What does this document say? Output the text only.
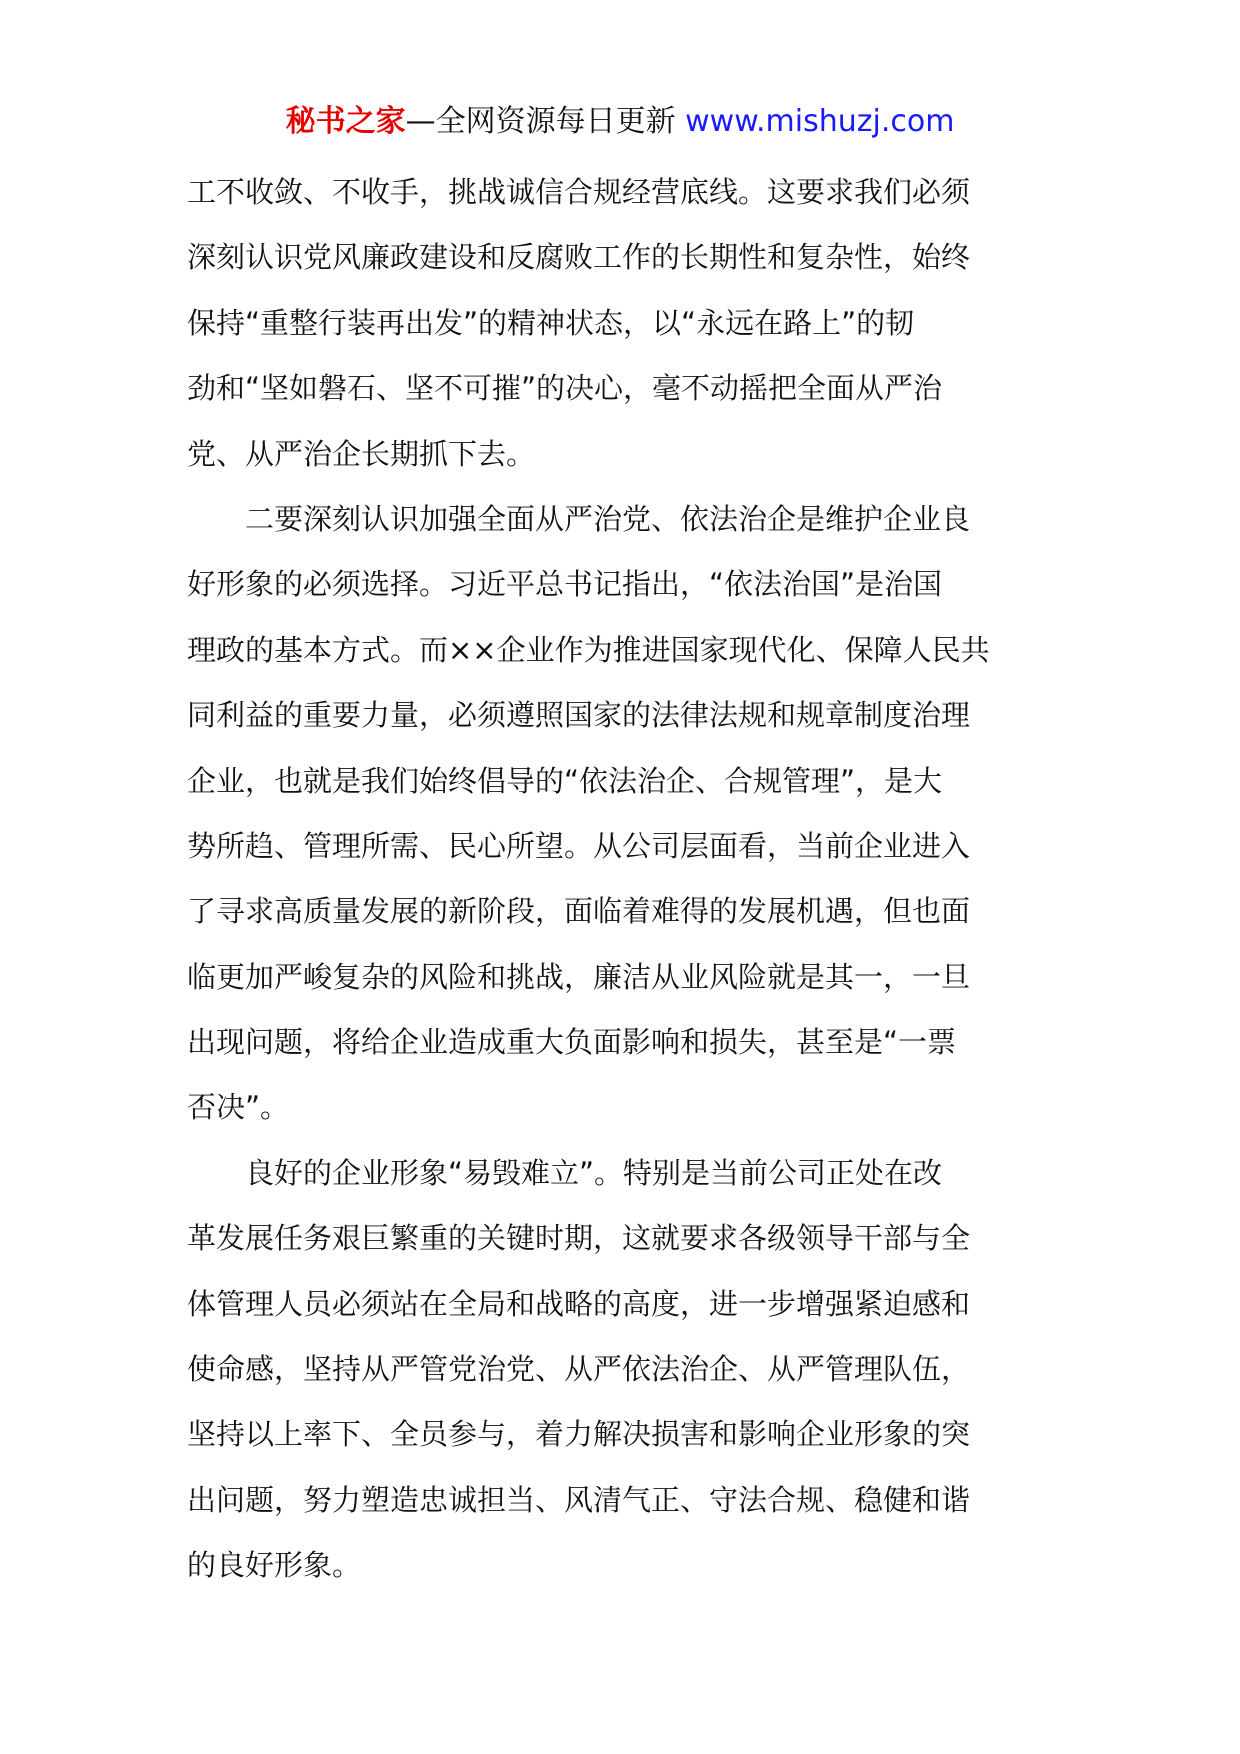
秘书之家—全网资源每日更新 www.mishuzj.com
工不收敛、不收手，挑战诚信合规经营底线。这要求我们必须
深刻认识党风廉政建设和反腐败工作的长期性和复杂性，始终
保持“重整行装再出发”的精神状态，以“永远在路上”的韧
劲和“坚如磐石、坚不可摧”的决心，毫不动摇把全面从严治
党、从严治企长期抓下去。
　　二要深刻认识加强全面从严治党、依法治企是维护企业良
好形象的必须选择。习近平总书记指出，“依法治国”是治国
理政的基本方式。而××企业作为推进国家现代化、保障人民共
同利益的重要力量，必须遵照国家的法律法规和规章制度治理
企业，也就是我们始终倡导的“依法治企、合规管理”，是大
势所趋、管理所需、民心所望。从公司层面看，当前企业进入
了寻求高质量发展的新阶段，面临着难得的发展机遇，但也面
临更加严峻复杂的风险和挑战，廉洁从业风险就是其一，一旦
出现问题，将给企业造成重大负面影响和损失，甚至是“一票
否决”。
　　良好的企业形象“易毁难立”。特别是当前公司正处在改
革发展任务艰巨繁重的关键时期，这就要求各级领导干部与全
体管理人员必须站在全局和战略的高度，进一步增强紧迫感和
使命感，坚持从严管党治党、从严依法治企、从严管理队伍，
坚持以上率下、全员参与，着力解决损害和影响企业形象的突
出问题，努力塑造忠诚担当、风清气正、守法合规、稳健和谐
的良好形象。
